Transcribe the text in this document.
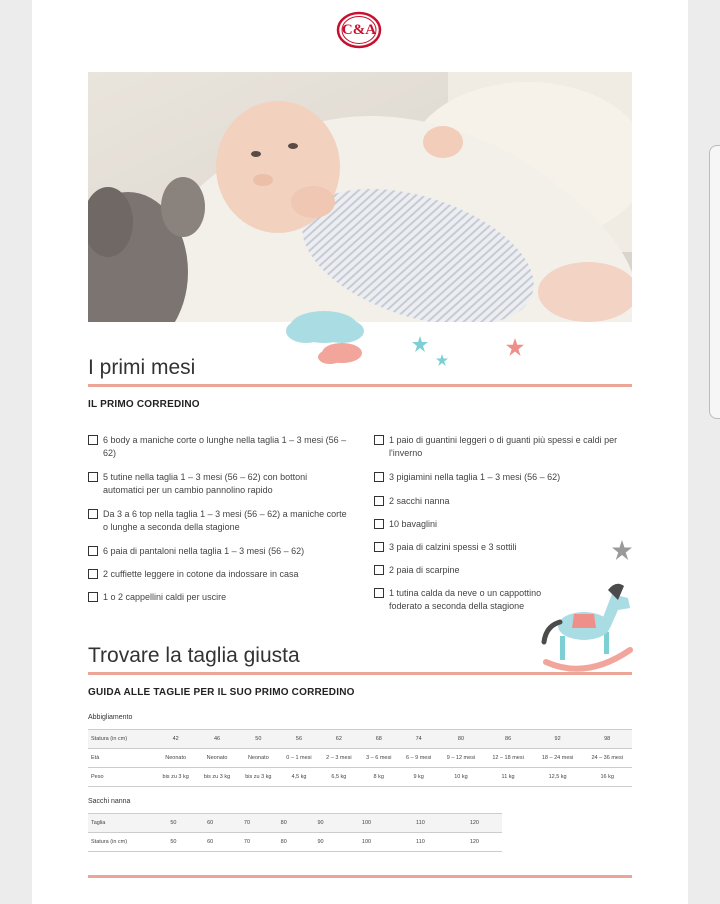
C&A
I primi mesi
IL PRIMO CORREDINO
6 body a maniche corte o lunghe nella taglia 1 – 3 mesi (56 – 62)
5 tutine nella taglia 1 – 3 mesi (56 – 62) con bottoni automatici per un cambio pannolino rapido
Da 3 a 6 top nella taglia 1 – 3 mesi (56 – 62) a maniche corte o lunghe a seconda della stagione
6 paia di pantaloni nella taglia 1 – 3 mesi (56 – 62)
2 cuffiette leggere in cotone da indossare in casa
1 o 2 cappellini caldi per uscire
1 paio di guantini leggeri o di guanti più spessi e caldi per l'inverno
3 pigiamini nella taglia 1 – 3 mesi (56 – 62)
2 sacchi nanna
10 bavaglini
3 paia di calzini spessi e 3 sottili
2 paia di scarpine
1 tutina calda da neve o un cappottino foderato a seconda della stagione
Trovare la taglia giusta
GUIDA ALLE TAGLIE PER IL SUO PRIMO CORREDINO
Abbigliamento
Statura (in cm)	42	46	50	56	62	68	74	80	86	92	98
Età	Neonato	Neonato	Neonato	0 – 1 mesi	2 – 3 mesi	3 – 6 mesi	6 – 9 mesi	9 – 12 mesi	12 – 18 mesi	18 – 24 mesi	24 – 36 mesi
Peso	bis zu 3 kg	bis zu 3 kg	bis zu 3 kg	4,5 kg	6,5 kg	8 kg	9 kg	10 kg	11 kg	12,5 kg	16 kg
Sacchi nanna
Taglia	50	60	70	80	90	100	110	120
Statura (in cm)	50	60	70	80	90	100	110	120
